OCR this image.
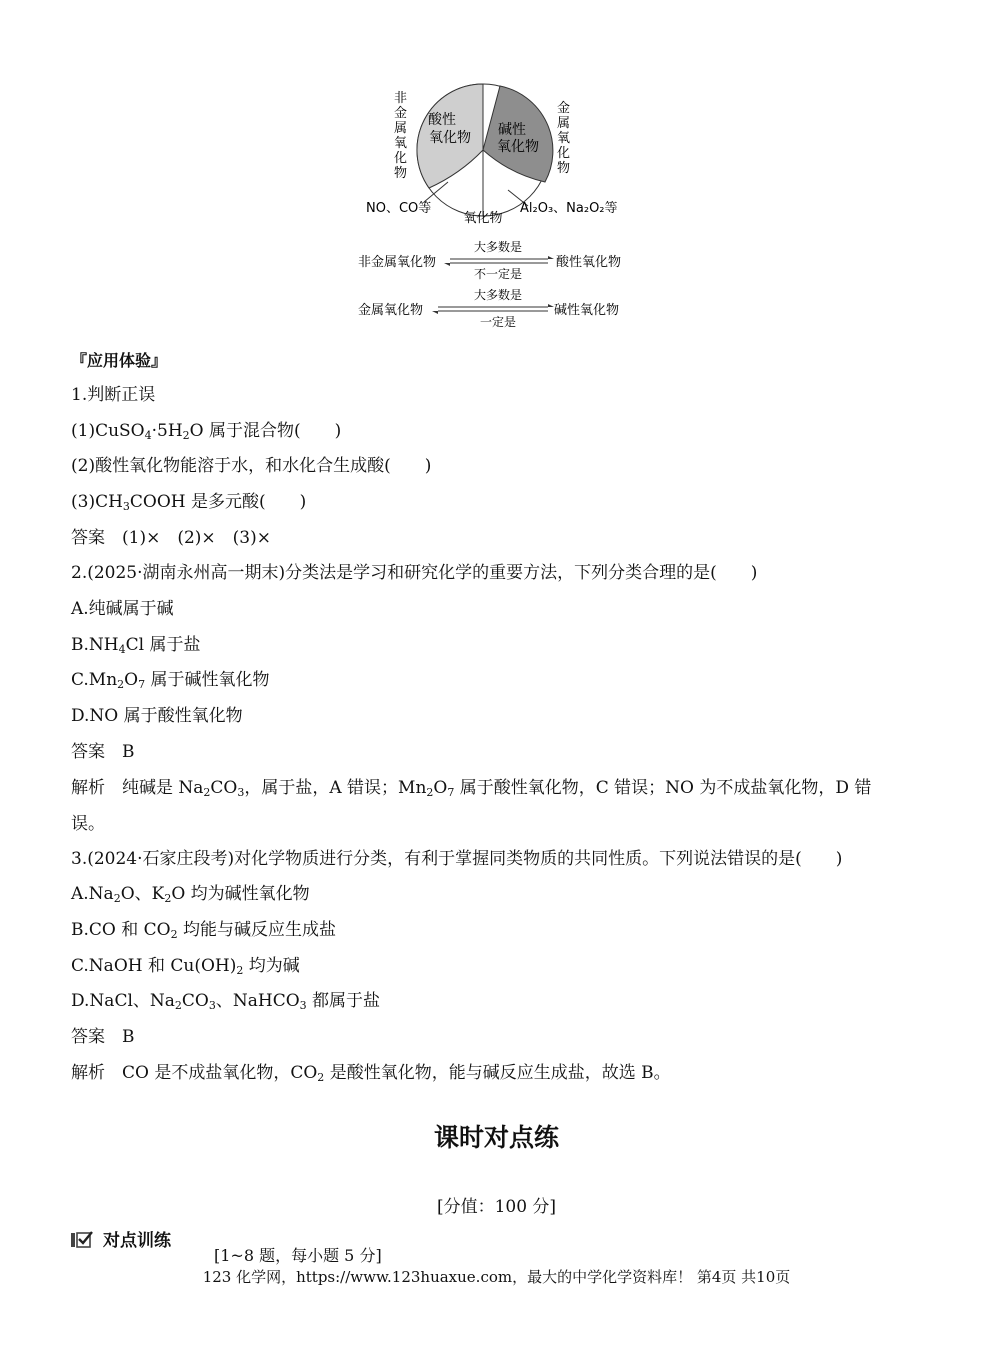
酸性
氧化物 碱性
氧化物
非金属氧化物
金属氧化物
NO、CO等
氧化物
Al₂O₃、Na₂O₂等
非金属氧化物
大多数是
不一定是
酸性氧化物
金属氧化物
大多数是
一定是
碱性氧化物
『应用体验』
1.判断正误
$(1)CuSO_4\cdot 5H_2O$ 属于混合物(　　)
(2)酸性氧化物能溶于水，和水化合生成酸(　　)
$(3)CH_3COOH$ 是多元酸(　　)
答案　(1)×　(2)×　(3)×
2.(2025·湖南永州高一期末)分类法是学习和研究化学的重要方法，下列分类合理的是(　　)
A.纯碱属于碱
$B.NH_4Cl$ 属于盐
$C.Mn_2O_7$ 属于碱性氧化物
D.NO 属于酸性氧化物
答案　B
解析　纯碱是 $Na_2CO_3$，属于盐，A 错误；$Mn_2O_7$ 属于酸性氧化物，C 错误；NO 为不成盐氧化物，D 错
误。
3.(2024·石家庄段考)对化学物质进行分类，有利于掌握同类物质的共同性质。下列说法错误的是(　　)
$A.Na_2O$、$K_2O$ 均为碱性氧化物
B.CO 和 $CO_2$ 均能与碱反应生成盐
C.NaOH 和 $Cu(OH)_2$ 均为碱
D.NaCl、$Na_2CO_3$、NaHCO$_3$ 都属于盐
答案　B
解析　CO 是不成盐氧化物，$CO_2$ 是酸性氧化物，能与碱反应生成盐，故选 B。
课时对点练
[分值：100 分]
对点训练
[1~8 题，每小题 5 分]
123 化学网，https://www.123huaxue.com，最大的中学化学资料库！ 第4页 共10页
